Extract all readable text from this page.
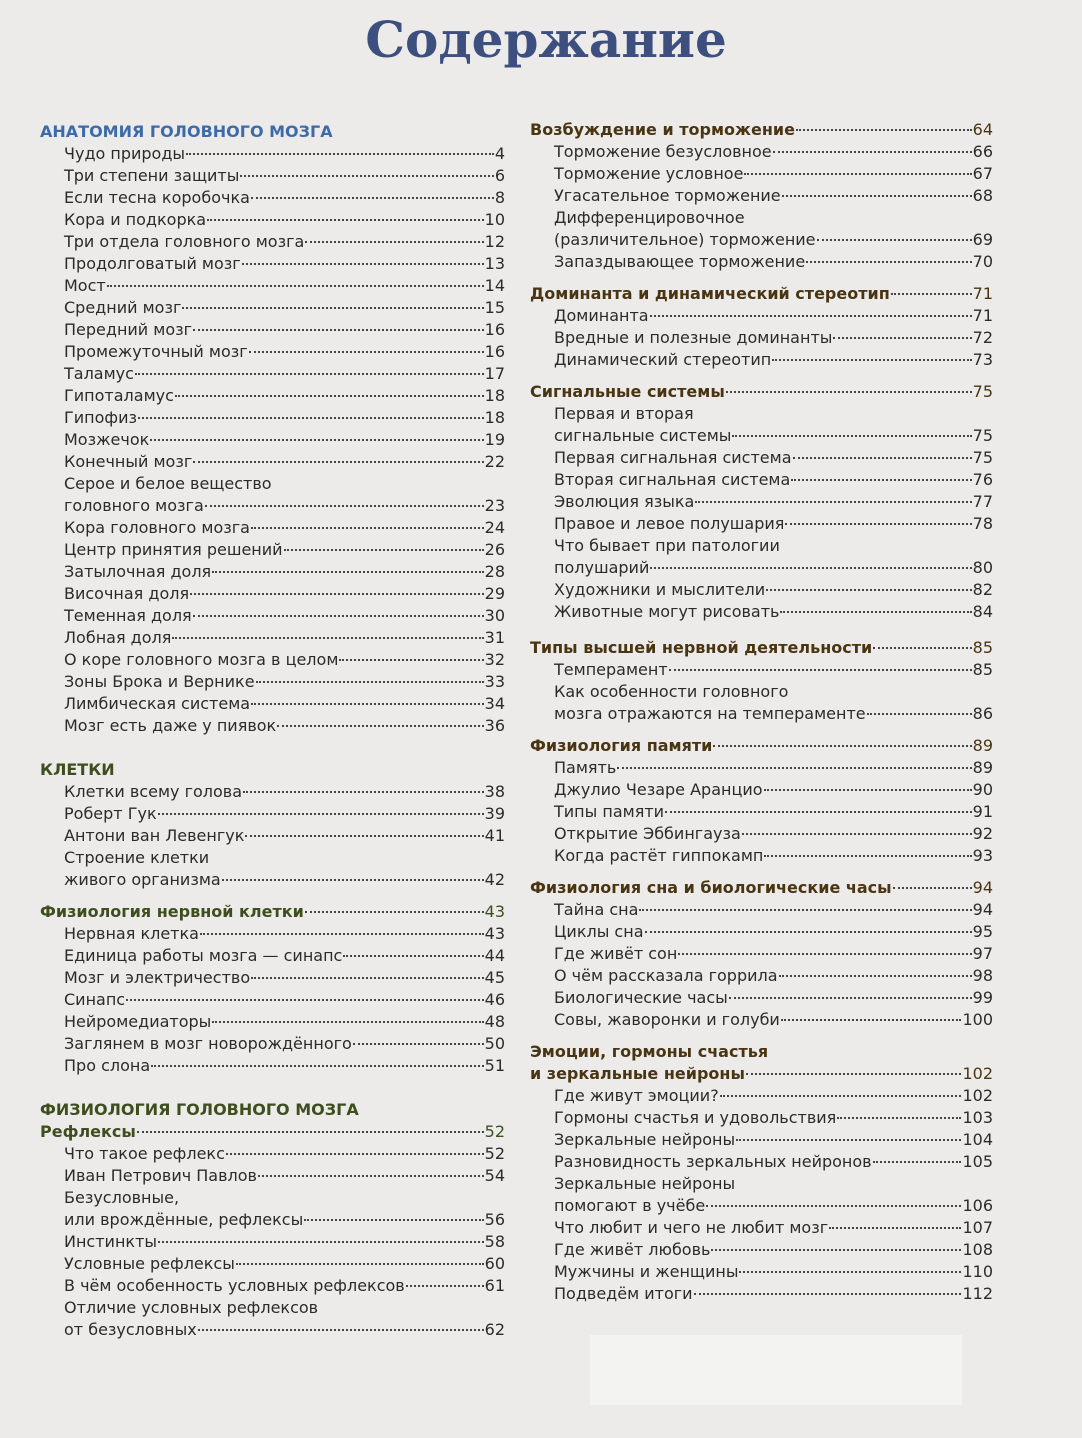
Содержание
АНАТОМИЯ ГОЛОВНОГО МОЗГА
Чудо природы	4
Три степени защиты	6
Если тесна коробочка	8
Кора и подкорка	10
Три отдела головного мозга	12
Продолговатый мозг	13
Мост	14
Средний мозг	15
Передний мозг	16
Промежуточный мозг	16
Таламус	17
Гипоталамус	18
Гипофиз	18
Мозжечок	19
Конечный мозг	22
Серое и белое вещество
головного мозга	23
Кора головного мозга	24
Центр принятия решений	26
Затылочная доля	28
Височная доля	29
Теменная доля	30
Лобная доля	31
О коре головного мозга в целом	32
Зоны Брока и Вернике	33
Лимбическая система	34
Мозг есть даже у пиявок	36
КЛЕТКИ
Клетки всему голова	38
Роберт Гук	39
Антони ван Левенгук	41
Строение клетки
живого организма	42
Физиология нервной клетки	43
Нервная клетка	43
Единица работы мозга — синапс	44
Мозг и электричество	45
Синапс	46
Нейромедиаторы	48
Заглянем в мозг новорождённого	50
Про слона	51
ФИЗИОЛОГИЯ ГОЛОВНОГО МОЗГА
Рефлексы	52
Что такое рефлекс	52
Иван Петрович Павлов	54
Безусловные,
или врождённые, рефлексы	56
Инстинкты	58
Условные рефлексы	60
В чём особенность условных рефлексов	61
Отличие условных рефлексов
от безусловных	62
Возбуждение и торможение	64
Торможение безусловное	66
Торможение условное	67
Угасательное торможение	68
Дифференцировочное
(различительное) торможение	69
Запаздывающее торможение	70
Доминанта и динамический стереотип	71
Доминанта	71
Вредные и полезные доминанты	72
Динамический стереотип	73
Сигнальные системы	75
Первая и вторая
сигнальные системы	75
Первая сигнальная система	75
Вторая сигнальная система	76
Эволюция языка	77
Правое и левое полушария	78
Что бывает при патологии
полушарий	80
Художники и мыслители	82
Животные могут рисовать	84
Типы высшей нервной деятельности	85
Темперамент	85
Как особенности головного
мозга отражаются на темпераменте	86
Физиология памяти	89
Память	89
Джулио Чезаре Аранцио	90
Типы памяти	91
Открытие Эббингауза	92
Когда растёт гиппокамп	93
Физиология сна и биологические часы	94
Тайна сна	94
Циклы сна	95
Где живёт сон	97
О чём рассказала горрила	98
Биологические часы	99
Совы, жаворонки и голуби	100
Эмоции, гормоны счастья
и зеркальные нейроны	102
Где живут эмоции?	102
Гормоны счастья и удовольствия	103
Зеркальные нейроны	104
Разновидность зеркальных нейронов	105
Зеркальные нейроны
помогают в учёбе	106
Что любит и чего не любит мозг	107
Где живёт любовь	108
Мужчины и женщины	110
Подведём итоги	112
